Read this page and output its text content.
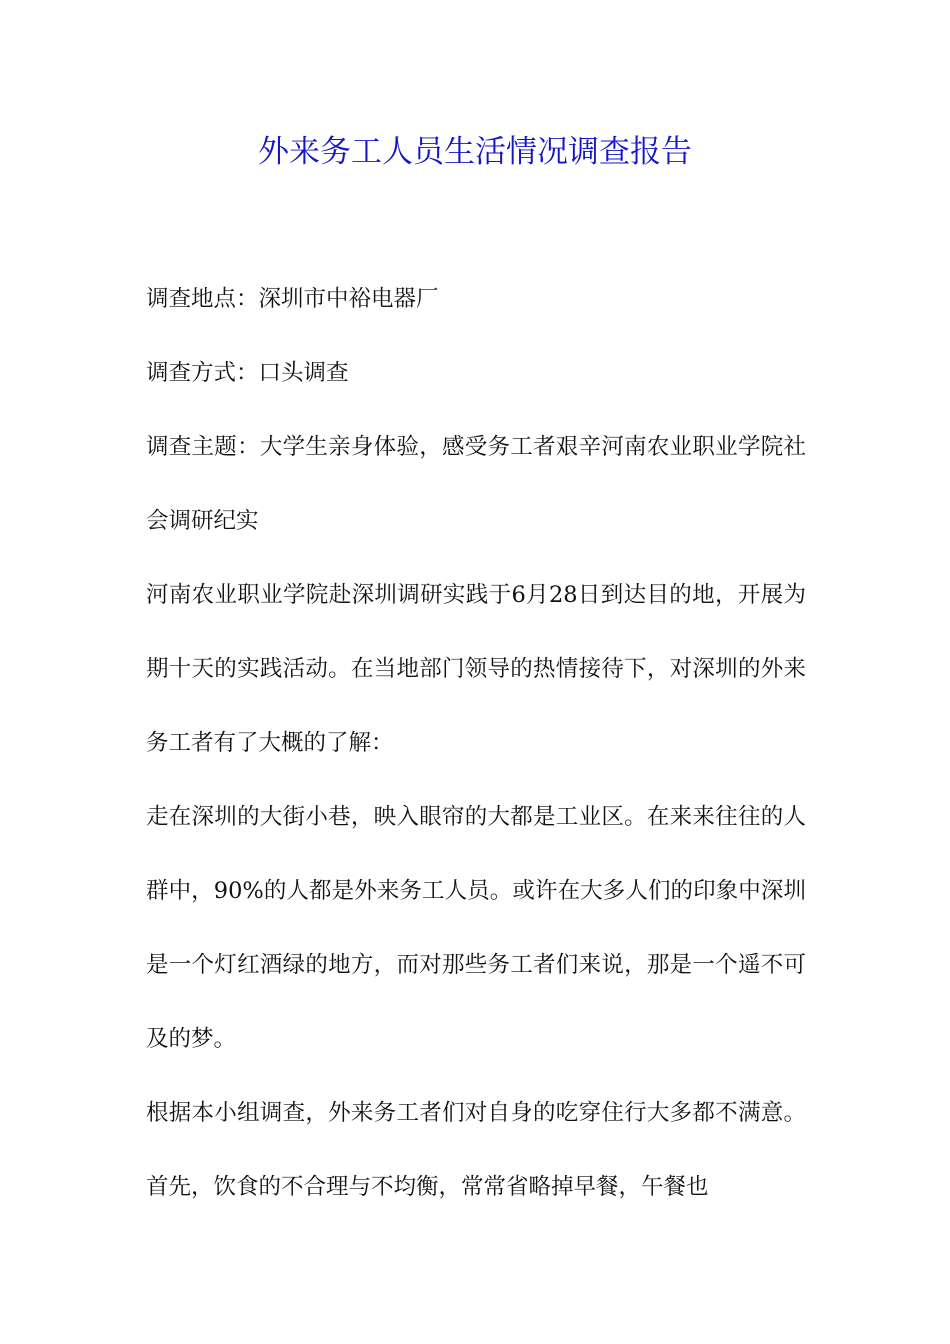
外来务工人员生活情况调查报告

调查地点：深圳市中裕电器厂

调查方式：口头调查

调查主题：大学生亲身体验，感受务工者艰辛河南农业职业学院社会调研纪实

河南农业职业学院赴深圳调研实践于6月28日到达目的地，开展为期十天的实践活动。在当地部门领导的热情接待下，对深圳的外来务工者有了大概的了解：

走在深圳的大街小巷，映入眼帘的大都是工业区。在来来往往的人群中，90%的人都是外来务工人员。或许在大多人们的印象中深圳是一个灯红酒绿的地方，而对那些务工者们来说，那是一个遥不可及的梦。

根据本小组调查，外来务工者们对自身的吃穿住行大多都不满意。首先，饮食的不合理与不均衡，常常省略掉早餐，午餐也
